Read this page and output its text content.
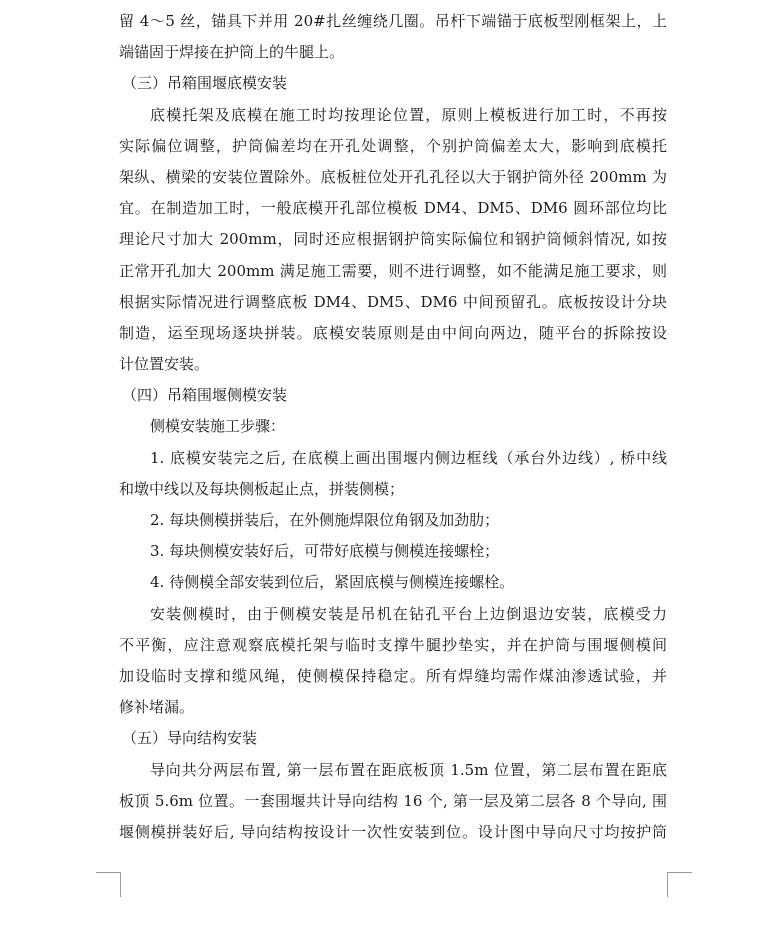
留 4～5 丝，锚具下并用 20#扎丝缠绕几圈。吊杆下端锚于底板型刚框架上，上
端锚固于焊接在护筒上的牛腿上。
（三）吊箱围堰底模安装
底模托架及底模在施工时均按理论位置，原则上模板进行加工时，不再按
实际偏位调整，护筒偏差均在开孔处调整，个别护筒偏差太大，影响到底模托
架纵、横梁的安装位置除外。底板桩位处开孔孔径以大于钢护筒外径 200mm 为
宜。在制造加工时，一般底模开孔部位模板 DM4、DM5、DM6 圆环部位均比
理论尺寸加大 200mm，同时还应根据钢护筒实际偏位和钢护筒倾斜情况, 如按
正常开孔加大 200mm 满足施工需要，则不进行调整，如不能满足施工要求，则
根据实际情况进行调整底板 DM4、DM5、DM6 中间预留孔。底板按设计分块
制造，运至现场逐块拼装。底模安装原则是由中间向两边，随平台的拆除按设
计位置安装。
（四）吊箱围堰侧模安装
侧模安装施工步骤：
1. 底模安装完之后, 在底模上画出围堰内侧边框线（承台外边线）, 桥中线
和墩中线以及每块侧板起止点，拼装侧模；
2. 每块侧模拼装后，在外侧施焊限位角钢及加劲肋；
3. 每块侧模安装好后，可带好底模与侧模连接螺栓；
4. 待侧模全部安装到位后，紧固底模与侧模连接螺栓。
安装侧模时，由于侧模安装是吊机在钻孔平台上边倒退边安装，底模受力
不平衡，应注意观察底模托架与临时支撑牛腿抄垫实，并在护筒与围堰侧模间
加设临时支撑和缆风绳，使侧模保持稳定。所有焊缝均需作煤油渗透试验，并
修补堵漏。
（五）导向结构安装
导向共分两层布置, 第一层布置在距底板顶 1.5m 位置，第二层布置在距底
板顶 5.6m 位置。一套围堰共计导向结构 16 个, 第一层及第二层各 8 个导向, 围
堰侧模拼装好后, 导向结构按设计一次性安装到位。设计图中导向尺寸均按护筒
